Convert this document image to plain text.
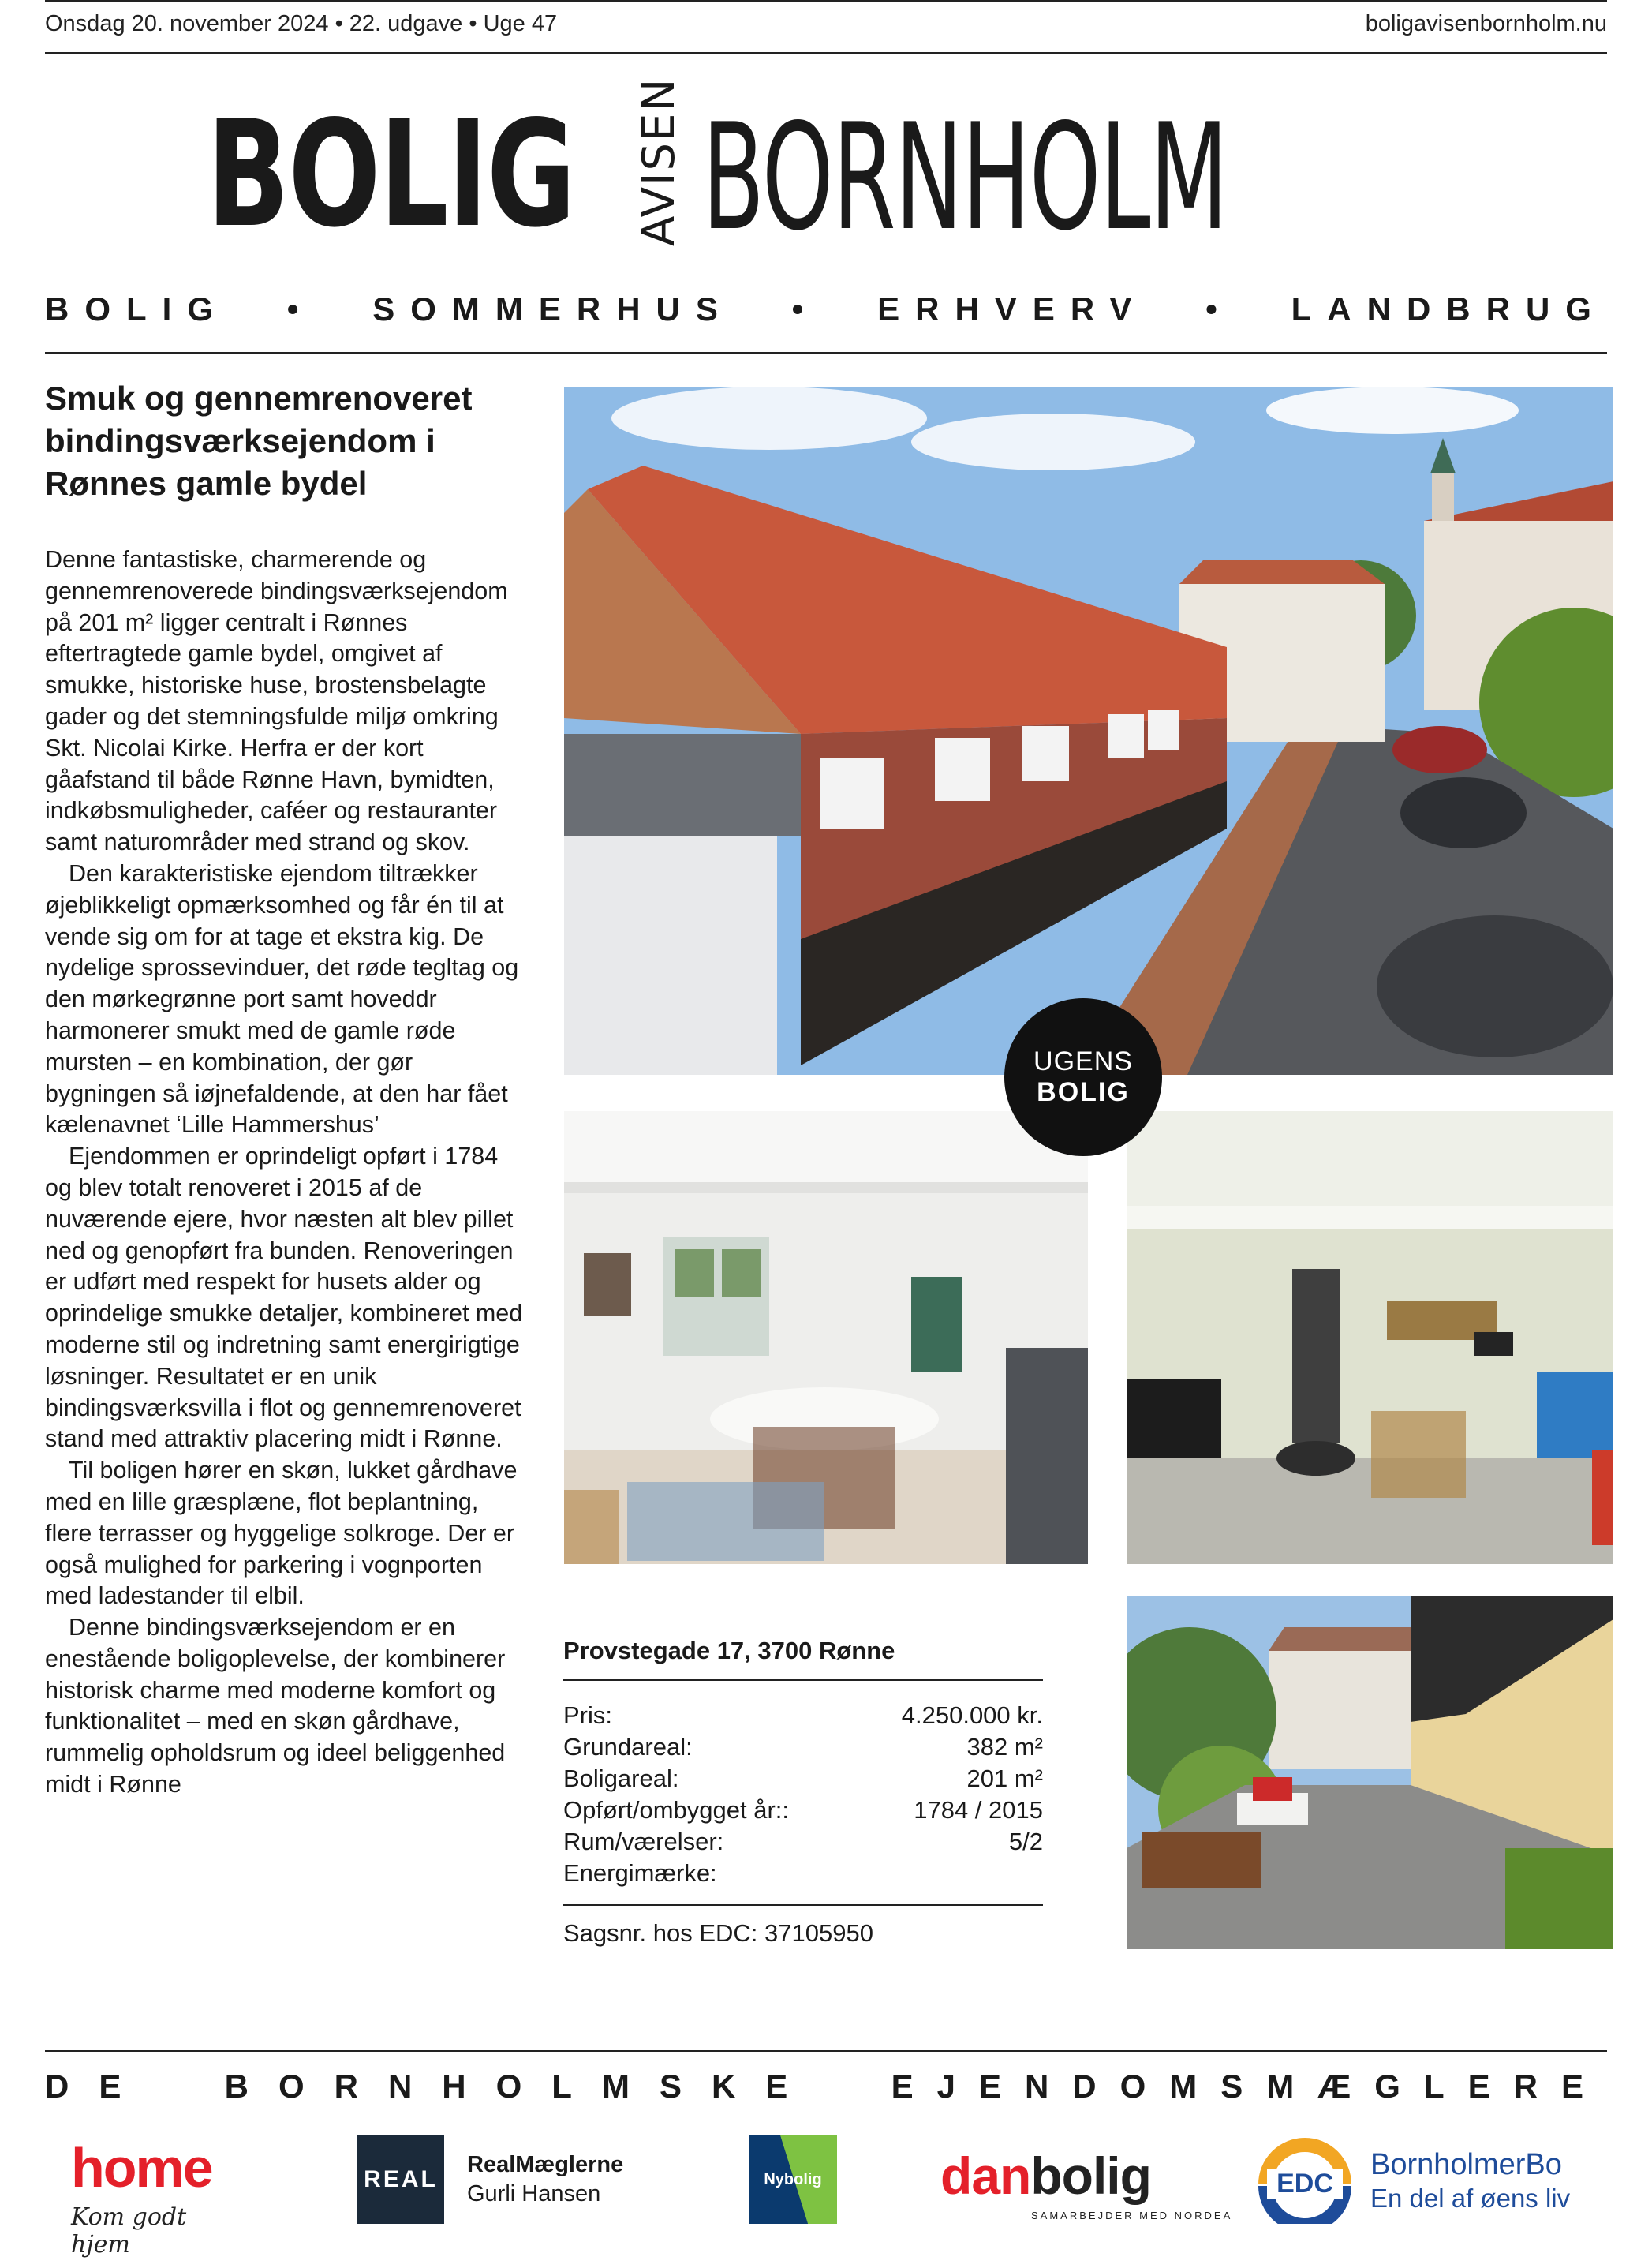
Onsdag 20. november 2024 • 22. udgave • Uge 47	boligavisenbornholm.nu
BOLIG AVISEN BORNHOLM
BOLIG • SOMMERHUS • ERHVERV • LANDBRUG
Smuk og gennemrenoveret bindingsværksejendom i Rønnes gamle bydel

Denne fantastiske, charmerende og gennemrenoverede bindingsværksejendom på 201 m² ligger centralt i Rønnes eftertragtede gamle bydel, omgivet af smukke, historiske huse, brostensbelagte gader og det stemningsfulde miljø omkring Skt. Nicolai Kirke. Herfra er der kort gåafstand til både Rønne Havn, bymidten, indkøbsmuligheder, caféer og restauranter samt naturområder med strand og skov.

Den karakteristiske ejendom tiltrækker øjeblikkeligt opmærksomhed og får én til at vende sig om for at tage et ekstra kig. De nydelige sprossevinduer, det røde tegltag og den mørkegrønne port samt hoveddr harmonerer smukt med de gamle røde mursten – en kombination, der gør bygningen så iøjnefaldende, at den har fået kælenavnet ‘Lille Hammershus’

Ejendommen er oprindeligt opført i 1784 og blev totalt renoveret i 2015 af de nuværende ejere, hvor næsten alt blev pillet ned og genopført fra bunden. Renoveringen er udført med respekt for husets alder og oprindelige smukke detaljer, kombineret med moderne stil og indretning samt energirigtige løsninger. Resultatet er en unik bindingsværksvilla i flot og gennemrenoveret stand med attraktiv placering midt i Rønne.

Til boligen hører en skøn, lukket gårdhave med en lille græsplæne, flot beplantning, flere terrasser og hyggelige solkroge. Der er også mulighed for parkering i vognporten med ladestander til elbil.

Denne bindingsværksejendom er en enestående boligoplevelse, der kombinerer historisk charme med moderne komfort og funktionalitet – med en skøn gårdhave, rummelig opholdsrum og ideel beliggenhed midt i Rønne

UGENS
BOLIG
Provstegade 17, 3700 Rønne
Pris:	4.250.000 kr.
Grundareal:	382 m²
Boligareal:	201 m²
Opført/ombygget år::	1784 / 2015
Rum/værelser:	5/2
Energimærke:
Sagsnr. hos EDC: 37105950
DE BORNHOLMSKE EJENDOMSMÆGLERE
home
Kom godt hjem
REAL
RealMæglerne
Gurli Hansen
Nybolig danbolig
SAMARBEJDER MED NORDEA
EDC
BornholmerBo
En del af øens liv
